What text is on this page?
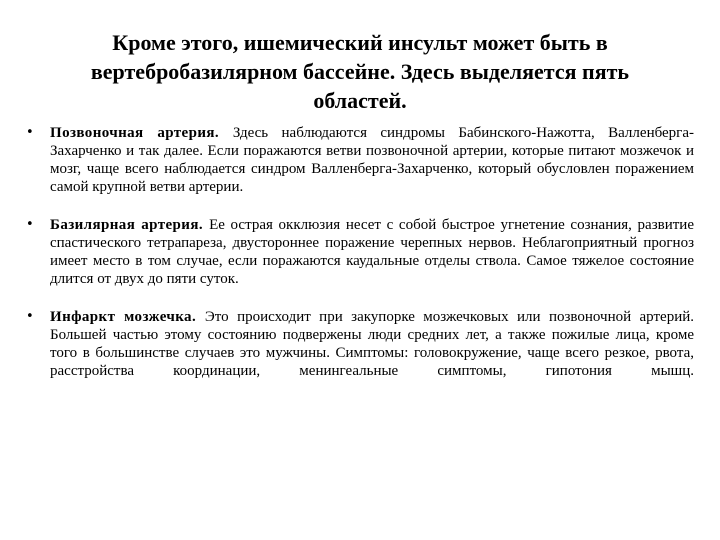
Кроме этого, ишемический инсульт может быть в
вертебробазилярном бассейне. Здесь выделяется пять
областей.
• Позвоночная артерия. Здесь наблюдаются синдромы Бабинского-Нажотта, Валленберга-Захарченко и так далее. Если поражаются ветви позвоночной артерии, которые питают мозжечок и мозг, чаще всего наблюдается синдром Валленберга-Захарченко, который обусловлен поражением самой крупной ветви артерии.
• Базилярная артерия. Ее острая окклюзия несет с собой быстрое угнетение сознания, развитие спастического тетрапареза, двустороннее поражение черепных нервов. Неблагоприятный прогноз имеет место в том случае, если поражаются каудальные отделы ствола. Самое тяжелое состояние длится от двух до пяти суток.
• Инфаркт мозжечка. Это происходит при закупорке мозжечковых или позвоночной артерий. Большей частью этому состоянию подвержены люди средних лет, а также пожилые лица, кроме того в большинстве случаев это мужчины. Симптомы: головокружение, чаще всего резкое, рвота, расстройства координации, менингеальные симптомы, гипотония мышц.
